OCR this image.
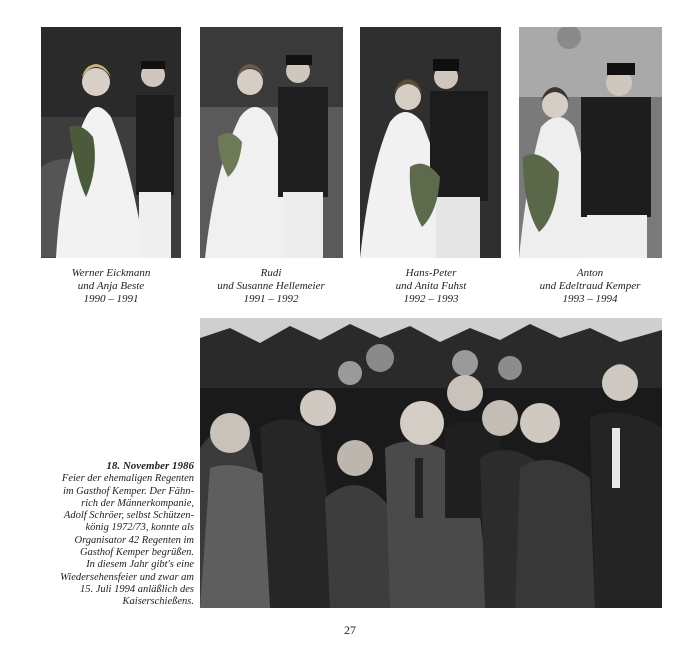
Werner Eickmann
und Anja Beste
1990 – 1991
Rudi
und Susanne Hellemeier
1991 – 1992
Hans-Peter
und Anita Fuhst
1992 – 1993
Anton
und Edeltraud Kemper
1993 – 1994
18. November 1986
Feier der ehemaligen Regenten
im Gasthof Kemper. Der Fähn-
rich der Männerkompanie,
Adolf Schröer, selbst Schützen-
könig 1972/73, konnte als
Organisator 42 Regenten im
Gasthof Kemper begrüßen.
In diesem Jahr gibt's eine
Wiedersehensfeier und zwar am
15. Juli 1994 anläßlich des
Kaiserschießens.
27
